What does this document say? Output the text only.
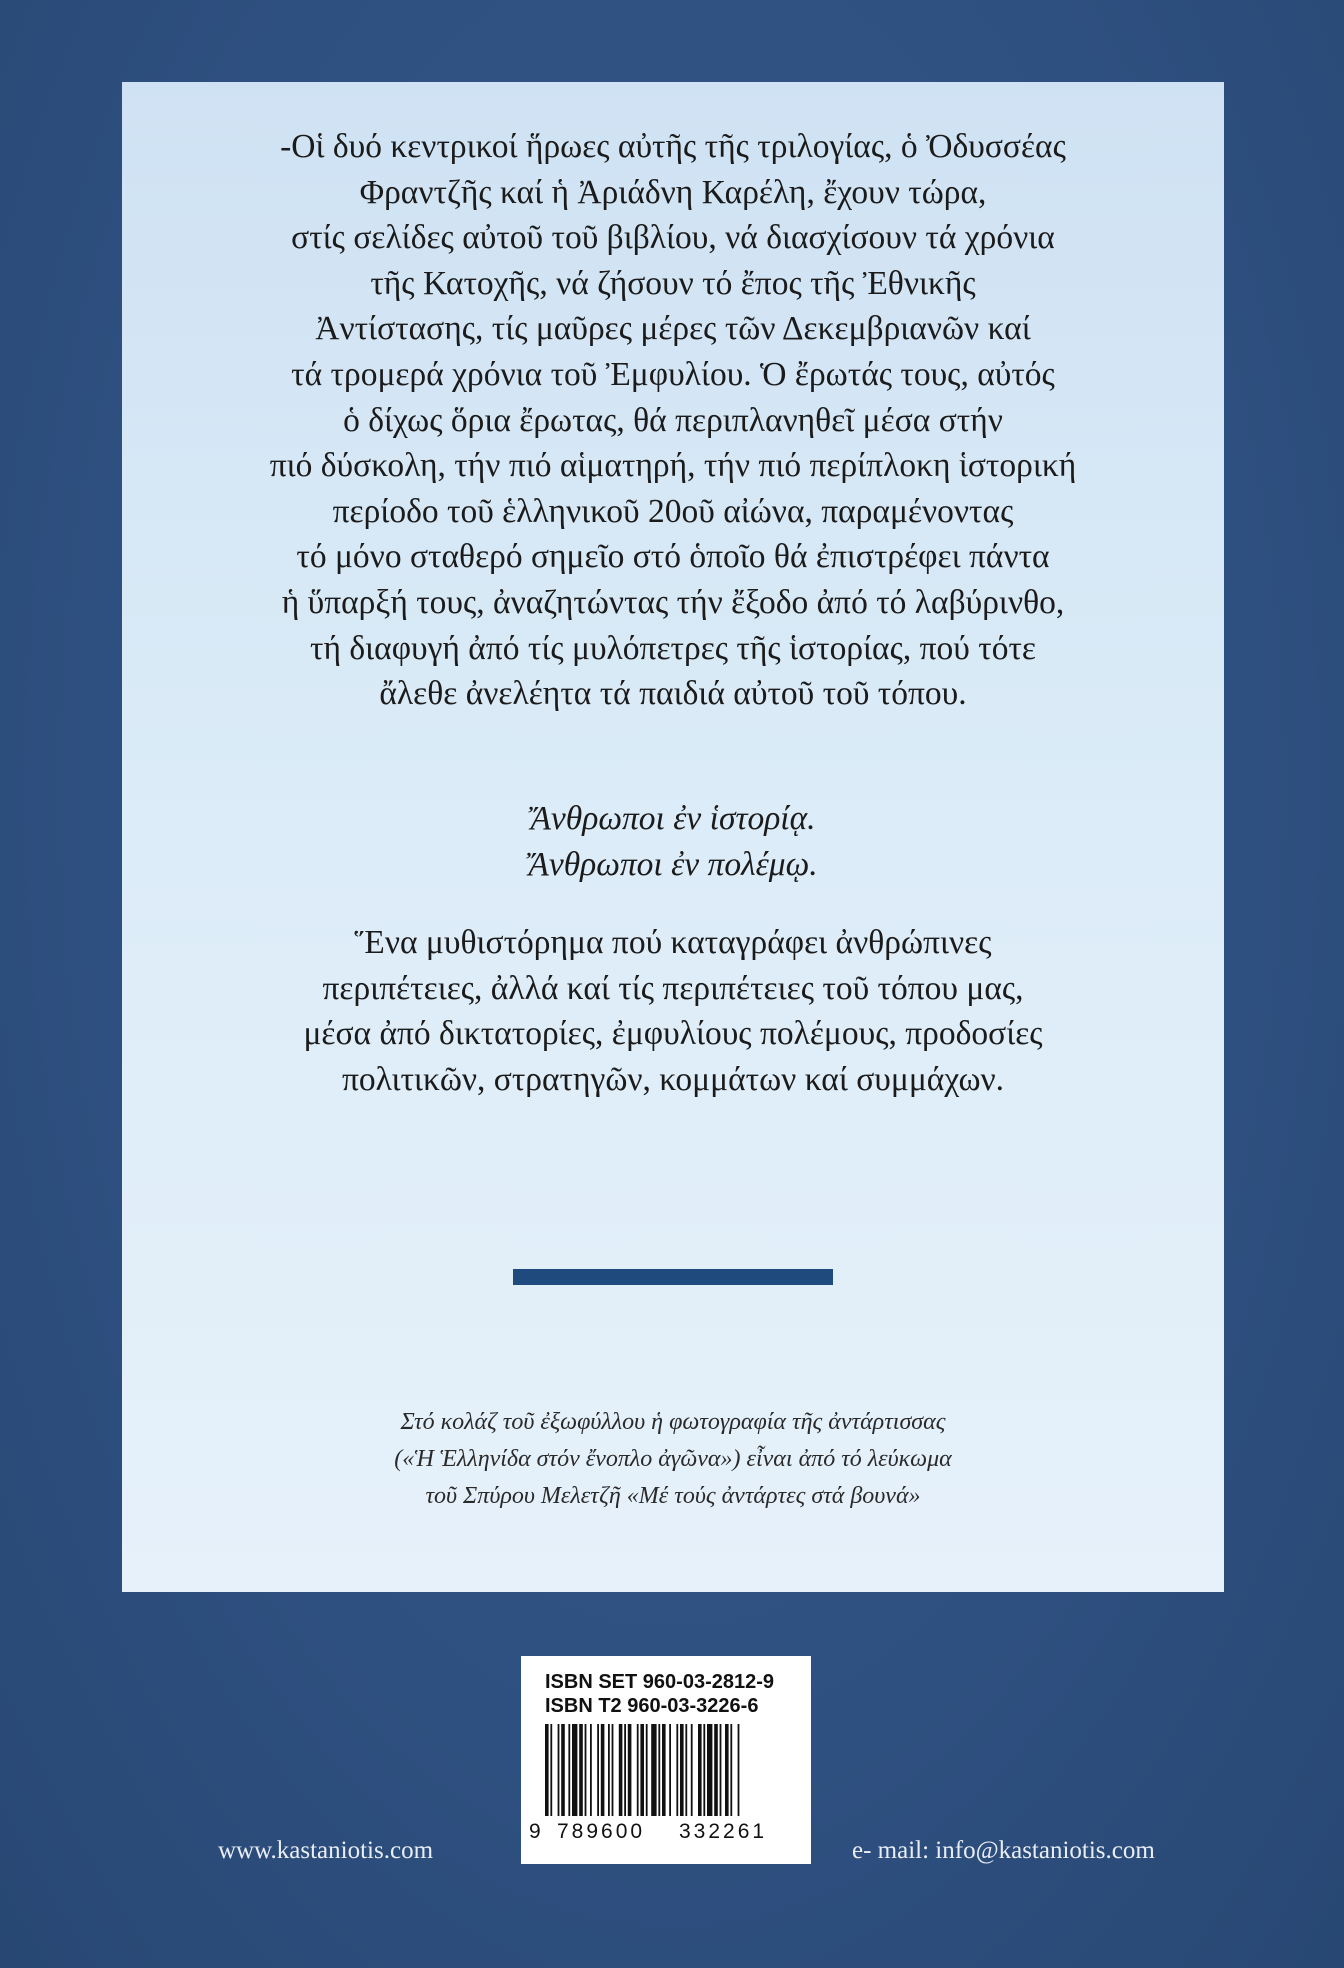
-Οἱ δυό κεντρικοί ἥρωες αὐτῆς τῆς τριλογίας, ὁ Ὀδυσσέας
Φραντζῆς καί ἡ Ἀριάδνη Καρέλη, ἔχουν τώρα,
στίς σελίδες αὐτοῦ τοῦ βιβλίου, νά διασχίσουν τά χρόνια
τῆς Κατοχῆς, νά ζήσουν τό ἔπος τῆς Ἐθνικῆς
Ἀντίστασης, τίς μαῦρες μέρες τῶν Δεκεμβριανῶν καί
τά τρομερά χρόνια τοῦ Ἐμφυλίου. Ὁ ἔρωτάς τους, αὐτός
ὁ δίχως ὅρια ἔρωτας, θά περιπλανηθεῖ μέσα στήν
πιό δύσκολη, τήν πιό αἱματηρή, τήν πιό περίπλοκη ἱστορική
περίοδο τοῦ ἑλληνικοῦ 20οῦ αἰώνα, παραμένοντας
τό μόνο σταθερό σημεῖο στό ὁποῖο θά ἐπιστρέφει πάντα
ἡ ὕπαρξή τους, ἀναζητώντας τήν ἔξοδο ἀπό τό λαβύρινθο,
τή διαφυγή ἀπό τίς μυλόπετρες τῆς ἱστορίας, πού τότε
ἄλεθε ἀνελέητα τά παιδιά αὐτοῦ τοῦ τόπου.
Ἄνθρωποι ἐν ἱστορίᾳ.
Ἄνθρωποι ἐν πολέμῳ.
Ἕνα μυθιστόρημα πού καταγράφει ἀνθρώπινες
περιπέτειες, ἀλλά καί τίς περιπέτειες τοῦ τόπου μας,
μέσα ἀπό δικτατορίες, ἐμφυλίους πολέμους, προδοσίες
πολιτικῶν, στρατηγῶν, κομμάτων καί συμμάχων.
Στό κολάζ τοῦ ἐξωφύλλου ἡ φωτογραφία τῆς ἀντάρτισσας
(«Ἡ Ἑλληνίδα στόν ἔνοπλο ἀγῶνα») εἶναι ἀπό τό λεύκωμα
τοῦ Σπύρου Μελετζῆ «Μέ τούς ἀντάρτες στά βουνά»
ISBN SET 960-03-2812-9
ISBN T2 960-03-3226-6
9 789600 332261
www.kastaniotis.com	e- mail: info@kastaniotis.com
